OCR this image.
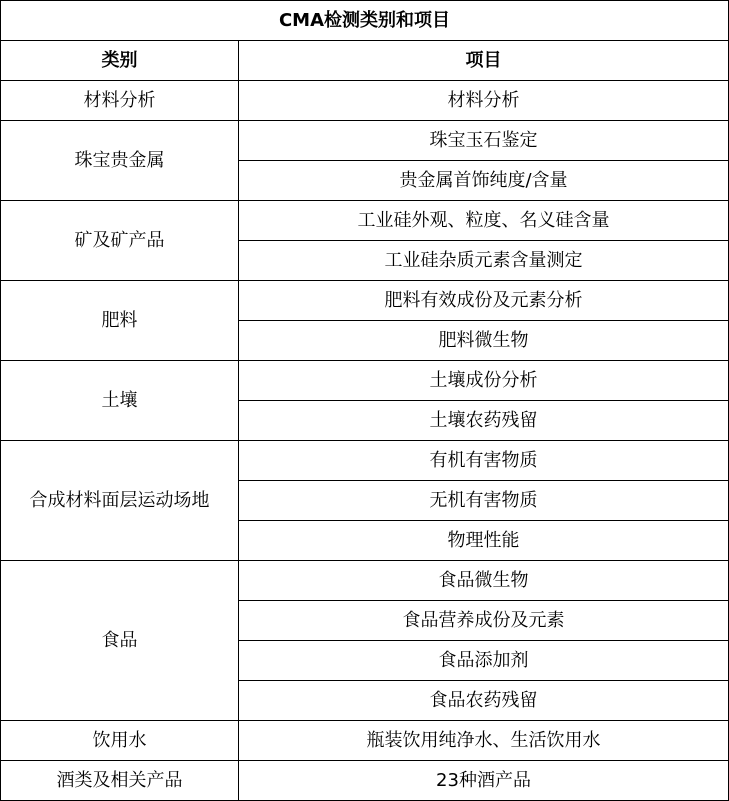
CMA检测类别和项目	
类别	项目
材料分析	材料分析
珠宝贵金属	珠宝玉石鉴定
	贵金属首饰纯度/含量
矿及矿产品	工业硅外观、粒度、名义硅含量
	工业硅杂质元素含量测定
肥料	肥料有效成份及元素分析
	肥料微生物
土壤	土壤成份分析
	土壤农药残留
合成材料面层运动场地	有机有害物质
	无机有害物质
	物理性能
食品	食品微生物
	食品营养成份及元素
	食品添加剂
	食品农药残留
饮用水	瓶装饮用纯净水、生活饮用水
酒类及相关产品	23种酒产品
